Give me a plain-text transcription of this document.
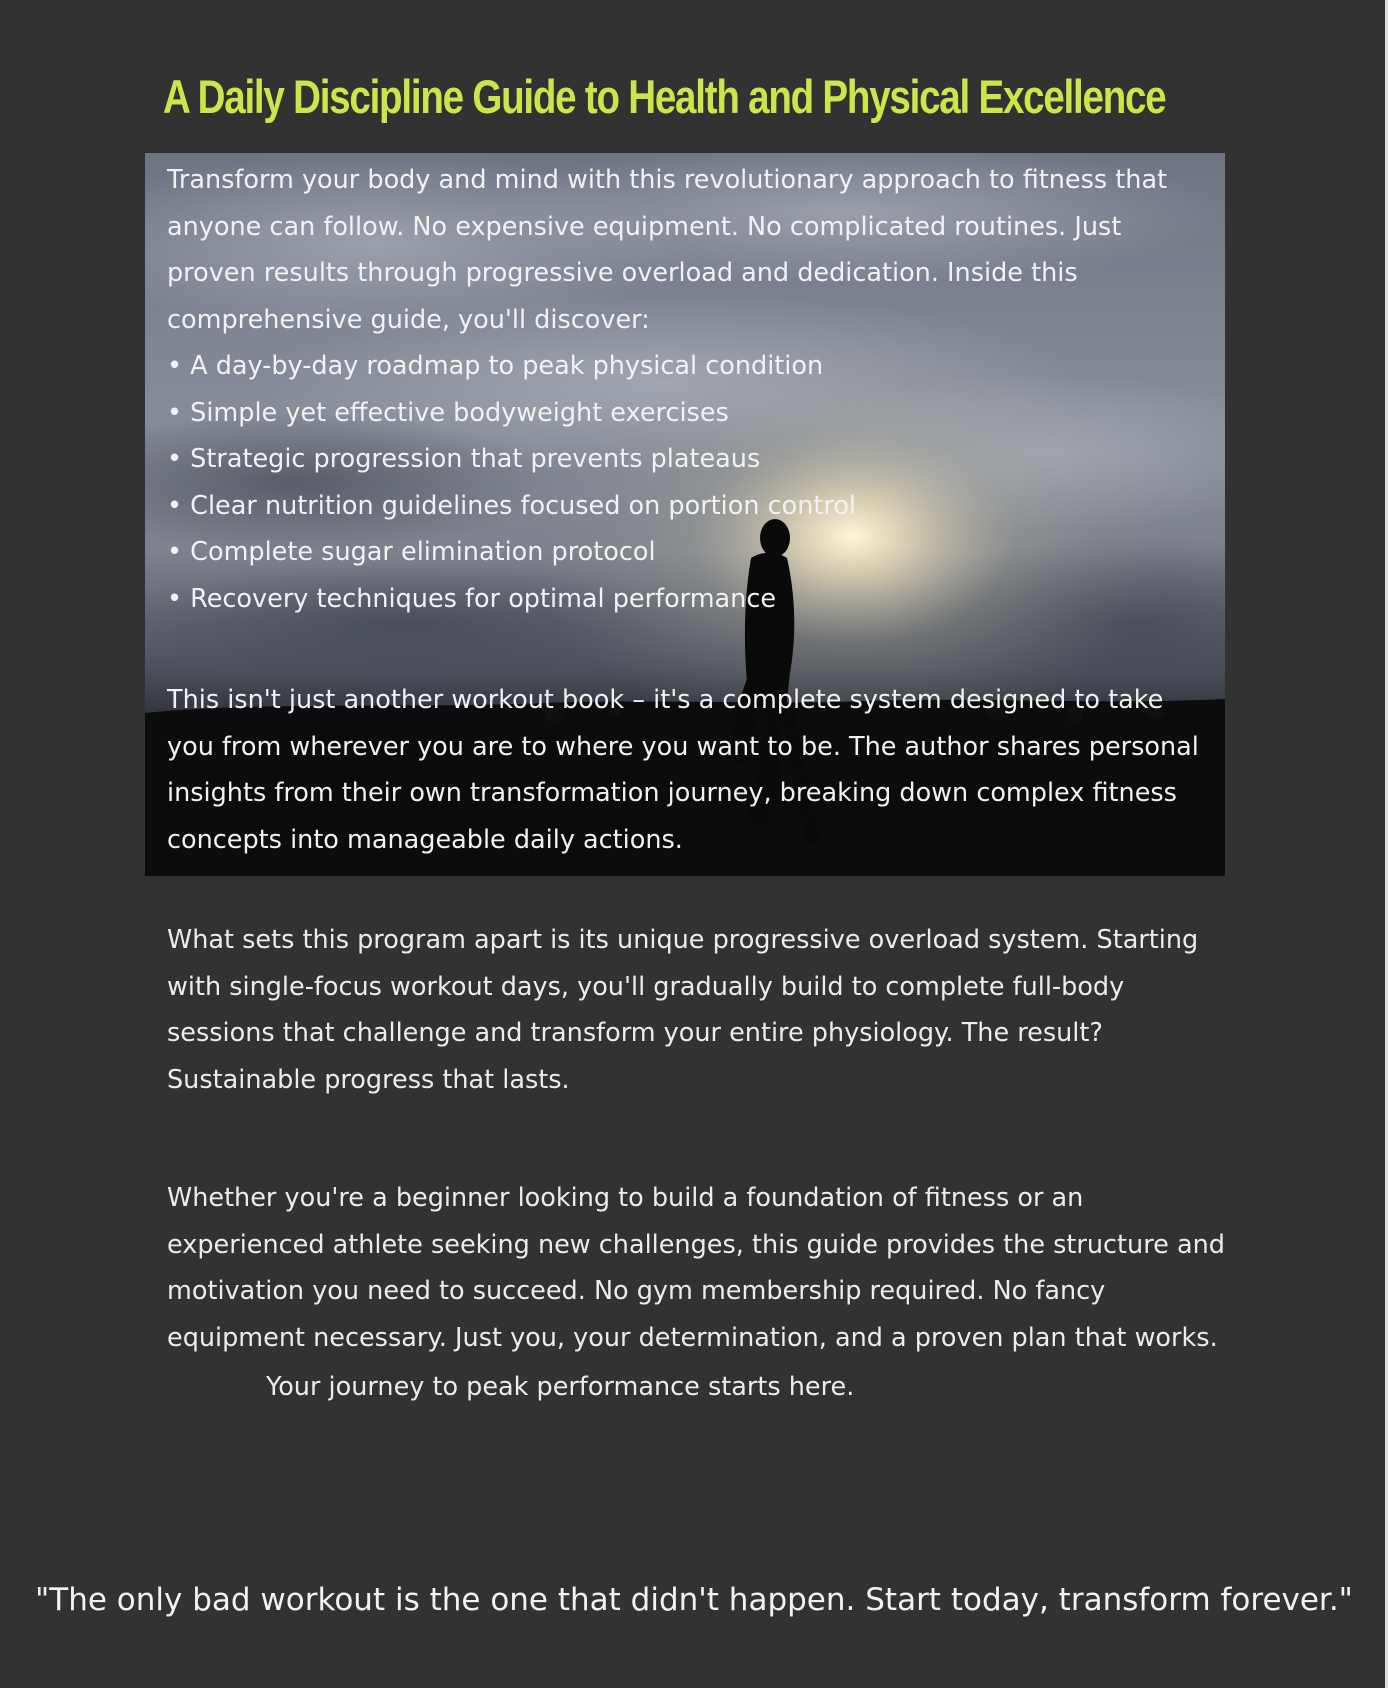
A Daily Discipline Guide to Health and Physical Excellence

Transform your body and mind with this revolutionary approach to fitness that anyone can follow. No expensive equipment. No complicated routines. Just proven results through progressive overload and dedication. Inside this comprehensive guide, you'll discover:

• A day-by-day roadmap to peak physical condition
• Simple yet effective bodyweight exercises
• Strategic progression that prevents plateaus
• Clear nutrition guidelines focused on portion control
• Complete sugar elimination protocol
• Recovery techniques for optimal performance

This isn't just another workout book – it's a complete system designed to take you from wherever you are to where you want to be. The author shares personal insights from their own transformation journey, breaking down complex fitness concepts into manageable daily actions.

What sets this program apart is its unique progressive overload system. Starting with single-focus workout days, you'll gradually build to complete full-body sessions that challenge and transform your entire physiology. The result? Sustainable progress that lasts.

Whether you're a beginner looking to build a foundation of fitness or an experienced athlete seeking new challenges, this guide provides the structure and motivation you need to succeed. No gym membership required. No fancy equipment necessary. Just you, your determination, and a proven plan that works.

Your journey to peak performance starts here.

"The only bad workout is the one that didn't happen. Start today, transform forever."
